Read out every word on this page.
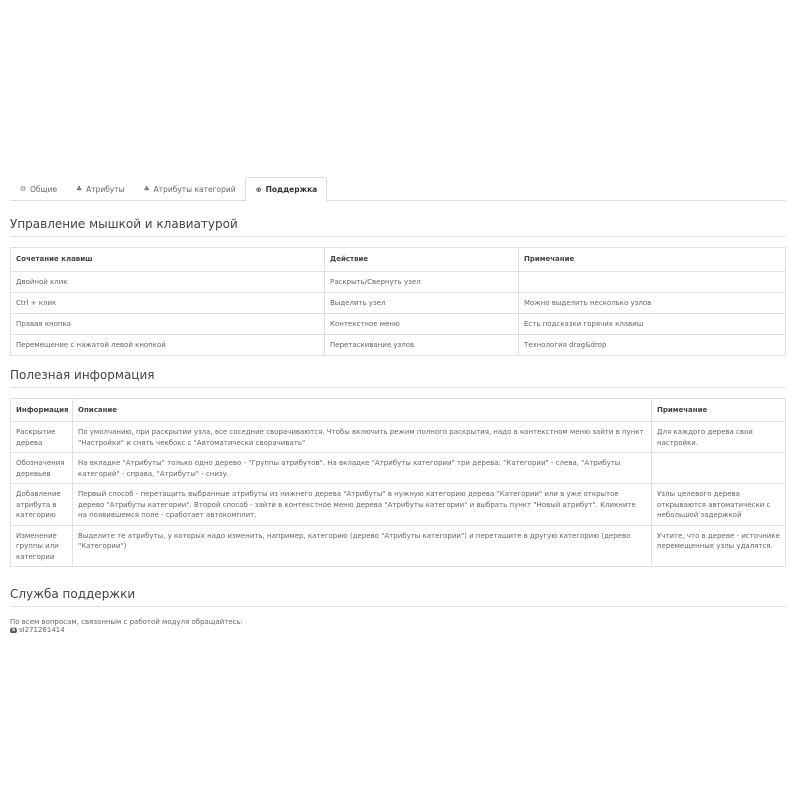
⚙ Общие	♣ Атрибуты	♣ Атрибуты категорий	⊕ Поддержка
Управление мышкой и клавиатурой
Сочетание клавиш	Действие	Примечание
Двойной клик	Раскрыть/Свернуть узел	
Ctrl + клик	Выделить узел	Можно выделить несколько узлов
Правая кнопка	Контекстное меню	Есть подсказки горячих клавиш
Перемещение с нажатой левой кнопкой	Перетаскивание узлов	Технология drag&drop
Полезная информация
Информация	Описание	Примечание
Раскрытие дерева	По умолчанию, при раскрытии узла, все соседние сворачиваются. Чтобы включить режим полного раскрытия, надо в контекстном меню зайти в пункт "Настройки" и снять чекбокс с "Автоматически сворачивать"	Для каждого дерева свои настройки.
Обозначения деревьев	На вкладке "Атрибуты" только одно дерево - "Группы атрибутов". На вкладке "Атрибуты категории" три дерева: "Категории" - слева, "Атрибуты категорий" - справа, "Атрибуты" - снизу.	
Добавление атрибута в категорию	Первый способ - перетащить выбранные атрибуты из нижнего дерева "Атрибуты" в нужную категорию дерева "Категории" или в уже открытое дерево "Атрибуты категории". Второй способ - зайти в контекстное меню дерева "Атрибуты категории" и выбрать пункт "Новый атрибут". Кликните на появившемся поле - сработает автокомплит.	Узлы целевого дерева открываются автоматически с небольшой задержкой
Изменение группы или категории	Выделите те атрибуты, у которых надо изменить, например, категорию (дерево "Атрибуты категории") и перетащите в другую категорию (дерево "Категории")	Учтите, что в дереве - источнике перемещенные узлы удалятся.
Служба поддержки
По всем вопросам, связанным с работой модуля обращайтесь:
S sl271261414
